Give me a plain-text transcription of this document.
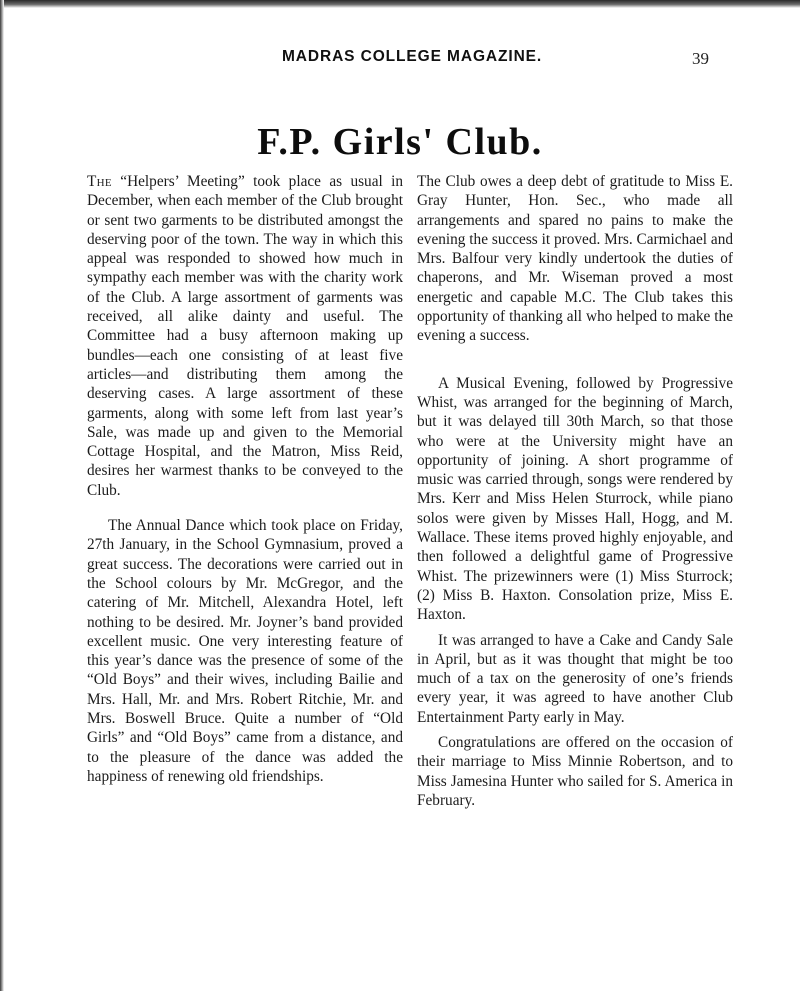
MADRAS COLLEGE MAGAZINE.	39
F.P. Girls' Club.

The “Helpers’ Meeting” took place as usual in December, when each member of the Club brought or sent two garments to be distributed amongst the deserving poor of the town. The way in which this appeal was responded to showed how much in sympathy each member was with the charity work of the Club. A large assortment of garments was received, all alike dainty and useful. The Committee had a busy afternoon making up bundles—each one consisting of at least five articles—and distributing them among the deserving cases. A large assortment of these garments, along with some left from last year’s Sale, was made up and given to the Memorial Cottage Hospital, and the Matron, Miss Reid, desires her warmest thanks to be conveyed to the Club.

The Annual Dance which took place on Friday, 27th January, in the School Gymnasium, proved a great success. The decorations were carried out in the School colours by Mr. McGregor, and the catering of Mr. Mitchell, Alexandra Hotel, left nothing to be desired. Mr. Joyner’s band provided excellent music. One very interesting feature of this year’s dance was the presence of some of the “Old Boys” and their wives, including Bailie and Mrs. Hall, Mr. and Mrs. Robert Ritchie, Mr. and Mrs. Boswell Bruce. Quite a number of “Old Girls” and “Old Boys” came from a distance, and to the pleasure of the dance was added the happiness of renewing old friendships.

The Club owes a deep debt of gratitude to Miss E. Gray Hunter, Hon. Sec., who made all arrangements and spared no pains to make the evening the success it proved. Mrs. Carmichael and Mrs. Balfour very kindly undertook the duties of chaperons, and Mr. Wiseman proved a most energetic and capable M.C. The Club takes this opportunity of thanking all who helped to make the evening a success.

A Musical Evening, followed by Progressive Whist, was arranged for the beginning of March, but it was delayed till 30th March, so that those who were at the University might have an opportunity of joining. A short programme of music was carried through, songs were rendered by Mrs. Kerr and Miss Helen Sturrock, while piano solos were given by Misses Hall, Hogg, and M. Wallace. These items proved highly enjoyable, and then followed a delightful game of Progressive Whist. The prizewinners were (1) Miss Sturrock; (2) Miss B. Haxton. Consolation prize, Miss E. Haxton.

It was arranged to have a Cake and Candy Sale in April, but as it was thought that might be too much of a tax on the generosity of one’s friends every year, it was agreed to have another Club Entertainment Party early in May.

Congratulations are offered on the occasion of their marriage to Miss Minnie Robertson, and to Miss Jamesina Hunter who sailed for S. America in February.
